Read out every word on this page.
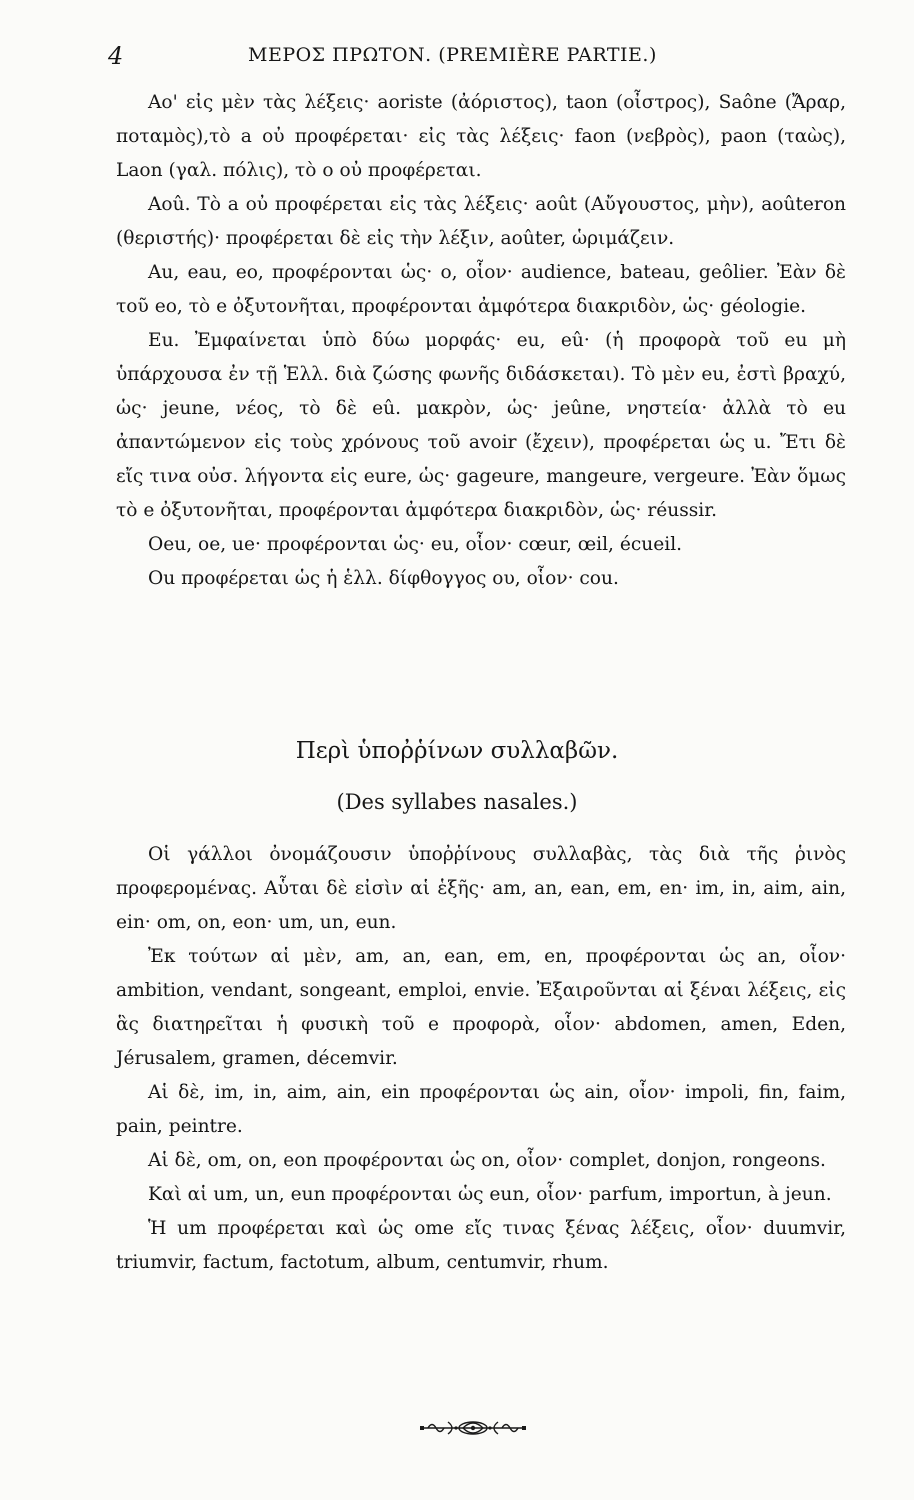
4	ΜΕΡΟΣ ΠΡΩΤΟΝ. (PREMIÈRE PARTIE.)

Αο' εἰς μὲν τὰς λέξεις· aoriste (ἀόριστος), taon (οἶστρος), Saône (Ἄραρ, ποταμὸς),τὸ a οὐ προφέρεται· εἰς τὰς λέξεις· faon (νεβρὸς), paon (ταὼς), Laon (γαλ. πόλις), τὸ ο οὐ προφέρεται.

Αοû. Τὸ a οὐ προφέρεται εἰς τὰς λέξεις· août (Αὔγουστος, μὴν), aoûteron (θεριστής)· προφέρεται δὲ εἰς τὴν λέξιν, aoûter, ὡριμάζειν.

Au, eau, eo, προφέρονται ὡς· o, οἷον· audience, bateau, geôlier. Ἐὰν δὲ τοῦ eo, τὸ e ὀξυτονῆται, προφέρονται ἀμφότερα διακριδὸν, ὡς· géologie.

Eu. Ἐμφαίνεται ὑπὸ δύω μορφάς· eu, eû· (ἡ προφορὰ τοῦ eu μὴ ὑπάρχουσα ἐν τῇ Ἑλλ. διὰ ζώσης φωνῆς διδάσκεται). Τὸ μὲν eu, ἐστὶ βραχύ, ὡς· jeune, νέος, τὸ δὲ eû. μακρὸν, ὡς· jeûne, νηστεία· ἀλλὰ τὸ eu ἀπαντώμενον εἰς τοὺς χρόνους τοῦ avoir (ἔχειν), προφέρεται ὡς u. Ἔτι δὲ εἴς τινα οὐσ. λήγοντα εἰς eure, ὡς· gageure, mangeure, vergeure. Ἐὰν ὅμως τὸ e ὀξυτονῆται, προφέρονται ἀμφότερα διακριδὸν, ὡς· réussir.

Oeu, oe, ue· προφέρονται ὡς· eu, οἷον· cœur, œil, écueil.

Ou προφέρεται ὡς ἡ ἑλλ. δίφθογγος ου, οἷον· cou.

Περὶ ὑποῤῥίνων συλλαβῶν.
(Des syllabes nasales.)

Οἱ γάλλοι ὀνομάζουσιν ὑποῤῥίνους συλλαβὰς, τὰς διὰ τῆς ῥινὸς προφερομένας. Αὗται δὲ εἰσὶν αἱ ἑξῆς· am, an, ean, em, en· im, in, aim, ain, ein· om, on, eon· um, un, eun.

Ἐκ τούτων αἱ μὲν, am, an, ean, em, en, προφέρονται ὡς an, οἷον· ambition, vendant, songeant, emploi, envie. Ἐξαιροῦνται αἱ ξέναι λέξεις, εἰς ἃς διατηρεῖται ἡ φυσικὴ τοῦ e προφορὰ, οἷον· abdomen, amen, Eden, Jérusalem, gramen, décemvir.

Αἱ δὲ, im, in, aim, ain, ein προφέρονται ὡς ain, οἷον· impoli, fin, faim, pain, peintre.

Αἱ δὲ, om, on, eon προφέρονται ὡς on, οἷον· complet, donjon, rongeons.

Καὶ αἱ um, un, eun προφέρονται ὡς eun, οἷον· parfum, importun, à jeun.

Ἡ um προφέρεται καὶ ὡς ome εἴς τινας ξένας λέξεις, οἷον· duumvir, triumvir, factum, factotum, album, centumvir, rhum.
